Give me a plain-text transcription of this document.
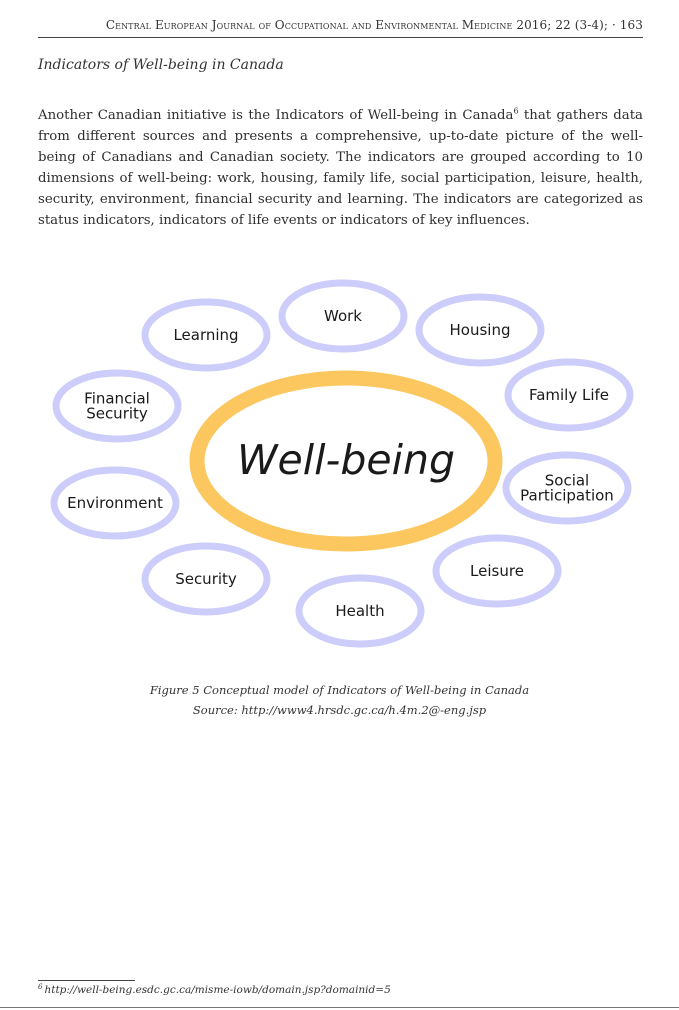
Central European Journal of Occupational and Environmental Medicine 2016; 22 (3-4); · 163
Indicators of Well-being in Canada

Another Canadian initiative is the Indicators of Well-being in Canada$^6$ that gathers data from different sources and presents a comprehensive, up-to-date picture of the well-being of Canadians and Canadian society. The indicators are grouped according to 10 dimensions of well-being: work, housing, family life, social participation, leisure, health, security, environment, financial security and learning. The indicators are categorized as status indicators, indicators of life events or indicators of key influences.

Work
Housing
Family Life
Social
Participation
Leisure
Health
Security
Environment
Financial
Security
Learning
Well-being
Figure 5 Conceptual model of Indicators of Well-being in Canada
Source: http://www4.hrsdc.gc.ca/h.4m.2@-eng.jsp
$^6$ http://well-being.esdc.gc.ca/misme-iowb/domain.jsp?domainid=5
